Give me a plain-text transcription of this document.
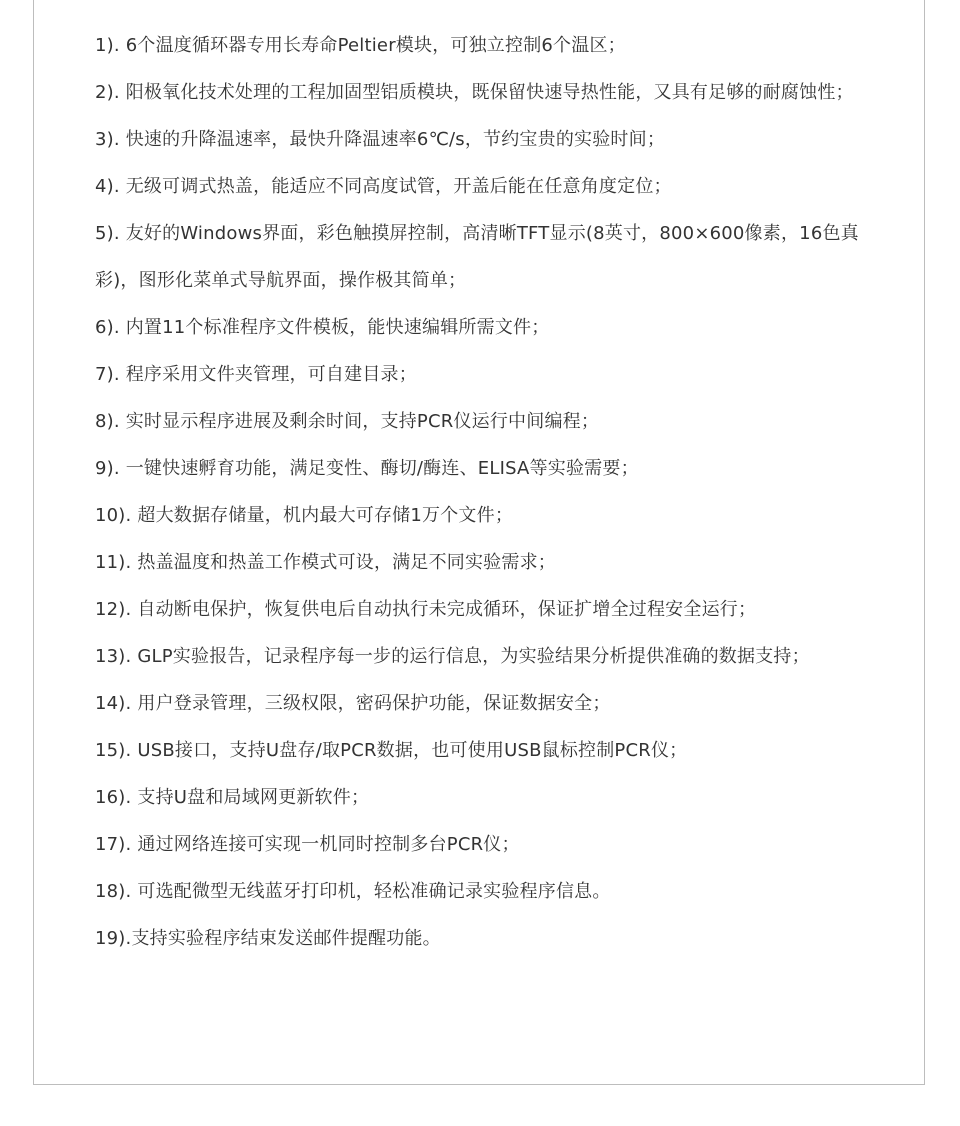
1). 6个温度循环器专用长寿命Peltier模块，可独立控制6个温区；
2). 阳极氧化技术处理的工程加固型铝质模块，既保留快速导热性能，又具有足够的耐腐蚀性；
3). 快速的升降温速率，最快升降温速率6℃/s，节约宝贵的实验时间；
4). 无级可调式热盖，能适应不同高度试管，开盖后能在任意角度定位；
5). 友好的Windows界面，彩色触摸屏控制，高清晰TFT显示(8英寸，800×600像素，16色真彩)，图形化菜单式导航界面，操作极其简单；
6). 内置11个标准程序文件模板，能快速编辑所需文件；
7). 程序采用文件夹管理，可自建目录；
8). 实时显示程序进展及剩余时间，支持PCR仪运行中间编程；
9). 一键快速孵育功能，满足变性、酶切/酶连、ELISA等实验需要；
10). 超大数据存储量，机内最大可存储1万个文件；
11). 热盖温度和热盖工作模式可设，满足不同实验需求；
12). 自动断电保护，恢复供电后自动执行未完成循环，保证扩增全过程安全运行；
13). GLP实验报告，记录程序每一步的运行信息，为实验结果分析提供准确的数据支持；
14). 用户登录管理，三级权限，密码保护功能，保证数据安全；
15). USB接口，支持U盘存/取PCR数据，也可使用USB鼠标控制PCR仪；
16). 支持U盘和局域网更新软件；
17). 通过网络连接可实现一机同时控制多台PCR仪；
18). 可选配微型无线蓝牙打印机，轻松准确记录实验程序信息。
19).支持实验程序结束发送邮件提醒功能。
